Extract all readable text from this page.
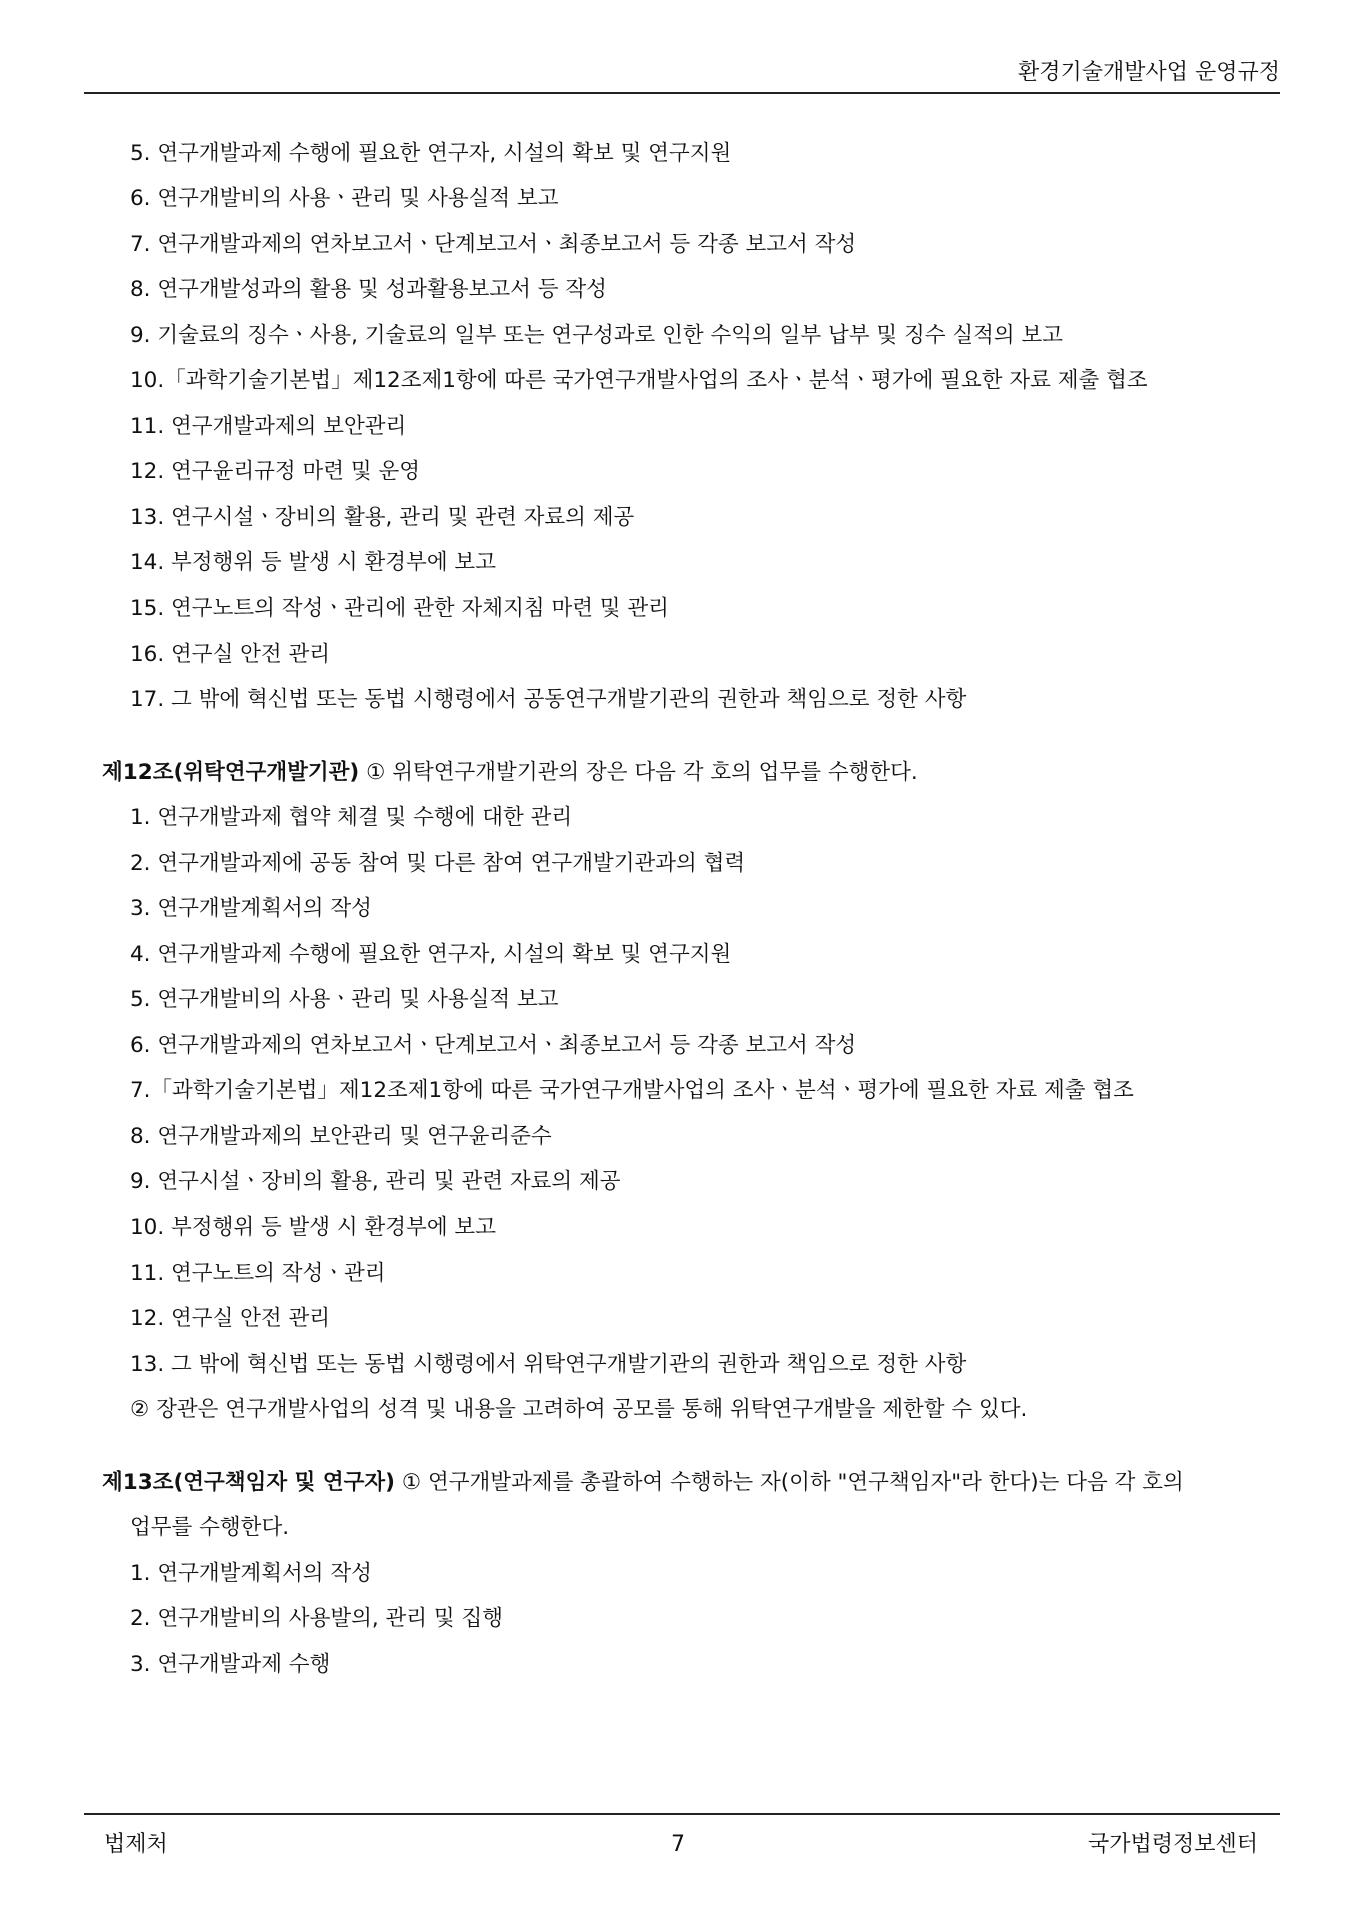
환경기술개발사업 운영규정
5. 연구개발과제 수행에 필요한 연구자, 시설의 확보 및 연구지원
6. 연구개발비의 사용ㆍ관리 및 사용실적 보고
7. 연구개발과제의 연차보고서ㆍ단계보고서ㆍ최종보고서 등 각종 보고서 작성
8. 연구개발성과의 활용 및 성과활용보고서 등 작성
9. 기술료의 징수ㆍ사용, 기술료의 일부 또는 연구성과로 인한 수익의 일부 납부 및 징수 실적의 보고
10.「과학기술기본법」제12조제1항에 따른 국가연구개발사업의 조사ㆍ분석ㆍ평가에 필요한 자료 제출 협조
11. 연구개발과제의 보안관리
12. 연구윤리규정 마련 및 운영
13. 연구시설ㆍ장비의 활용, 관리 및 관련 자료의 제공
14. 부정행위 등 발생 시 환경부에 보고
15. 연구노트의 작성ㆍ관리에 관한 자체지침 마련 및 관리
16. 연구실 안전 관리
17. 그 밖에 혁신법 또는 동법 시행령에서 공동연구개발기관의 권한과 책임으로 정한 사항
제12조(위탁연구개발기관) ① 위탁연구개발기관의 장은 다음 각 호의 업무를 수행한다.
1. 연구개발과제 협약 체결 및 수행에 대한 관리
2. 연구개발과제에 공동 참여 및 다른 참여 연구개발기관과의 협력
3. 연구개발계획서의 작성
4. 연구개발과제 수행에 필요한 연구자, 시설의 확보 및 연구지원
5. 연구개발비의 사용ㆍ관리 및 사용실적 보고
6. 연구개발과제의 연차보고서ㆍ단계보고서ㆍ최종보고서 등 각종 보고서 작성
7.「과학기술기본법」제12조제1항에 따른 국가연구개발사업의 조사ㆍ분석ㆍ평가에 필요한 자료 제출 협조
8. 연구개발과제의 보안관리 및 연구윤리준수
9. 연구시설ㆍ장비의 활용, 관리 및 관련 자료의 제공
10. 부정행위 등 발생 시 환경부에 보고
11. 연구노트의 작성ㆍ관리
12. 연구실 안전 관리
13. 그 밖에 혁신법 또는 동법 시행령에서 위탁연구개발기관의 권한과 책임으로 정한 사항
② 장관은 연구개발사업의 성격 및 내용을 고려하여 공모를 통해 위탁연구개발을 제한할 수 있다.
제13조(연구책임자 및 연구자) ① 연구개발과제를 총괄하여 수행하는 자(이하 "연구책임자"라 한다)는 다음 각 호의
업무를 수행한다.
1. 연구개발계획서의 작성
2. 연구개발비의 사용발의, 관리 및 집행
3. 연구개발과제 수행
법제처	7	국가법령정보센터
